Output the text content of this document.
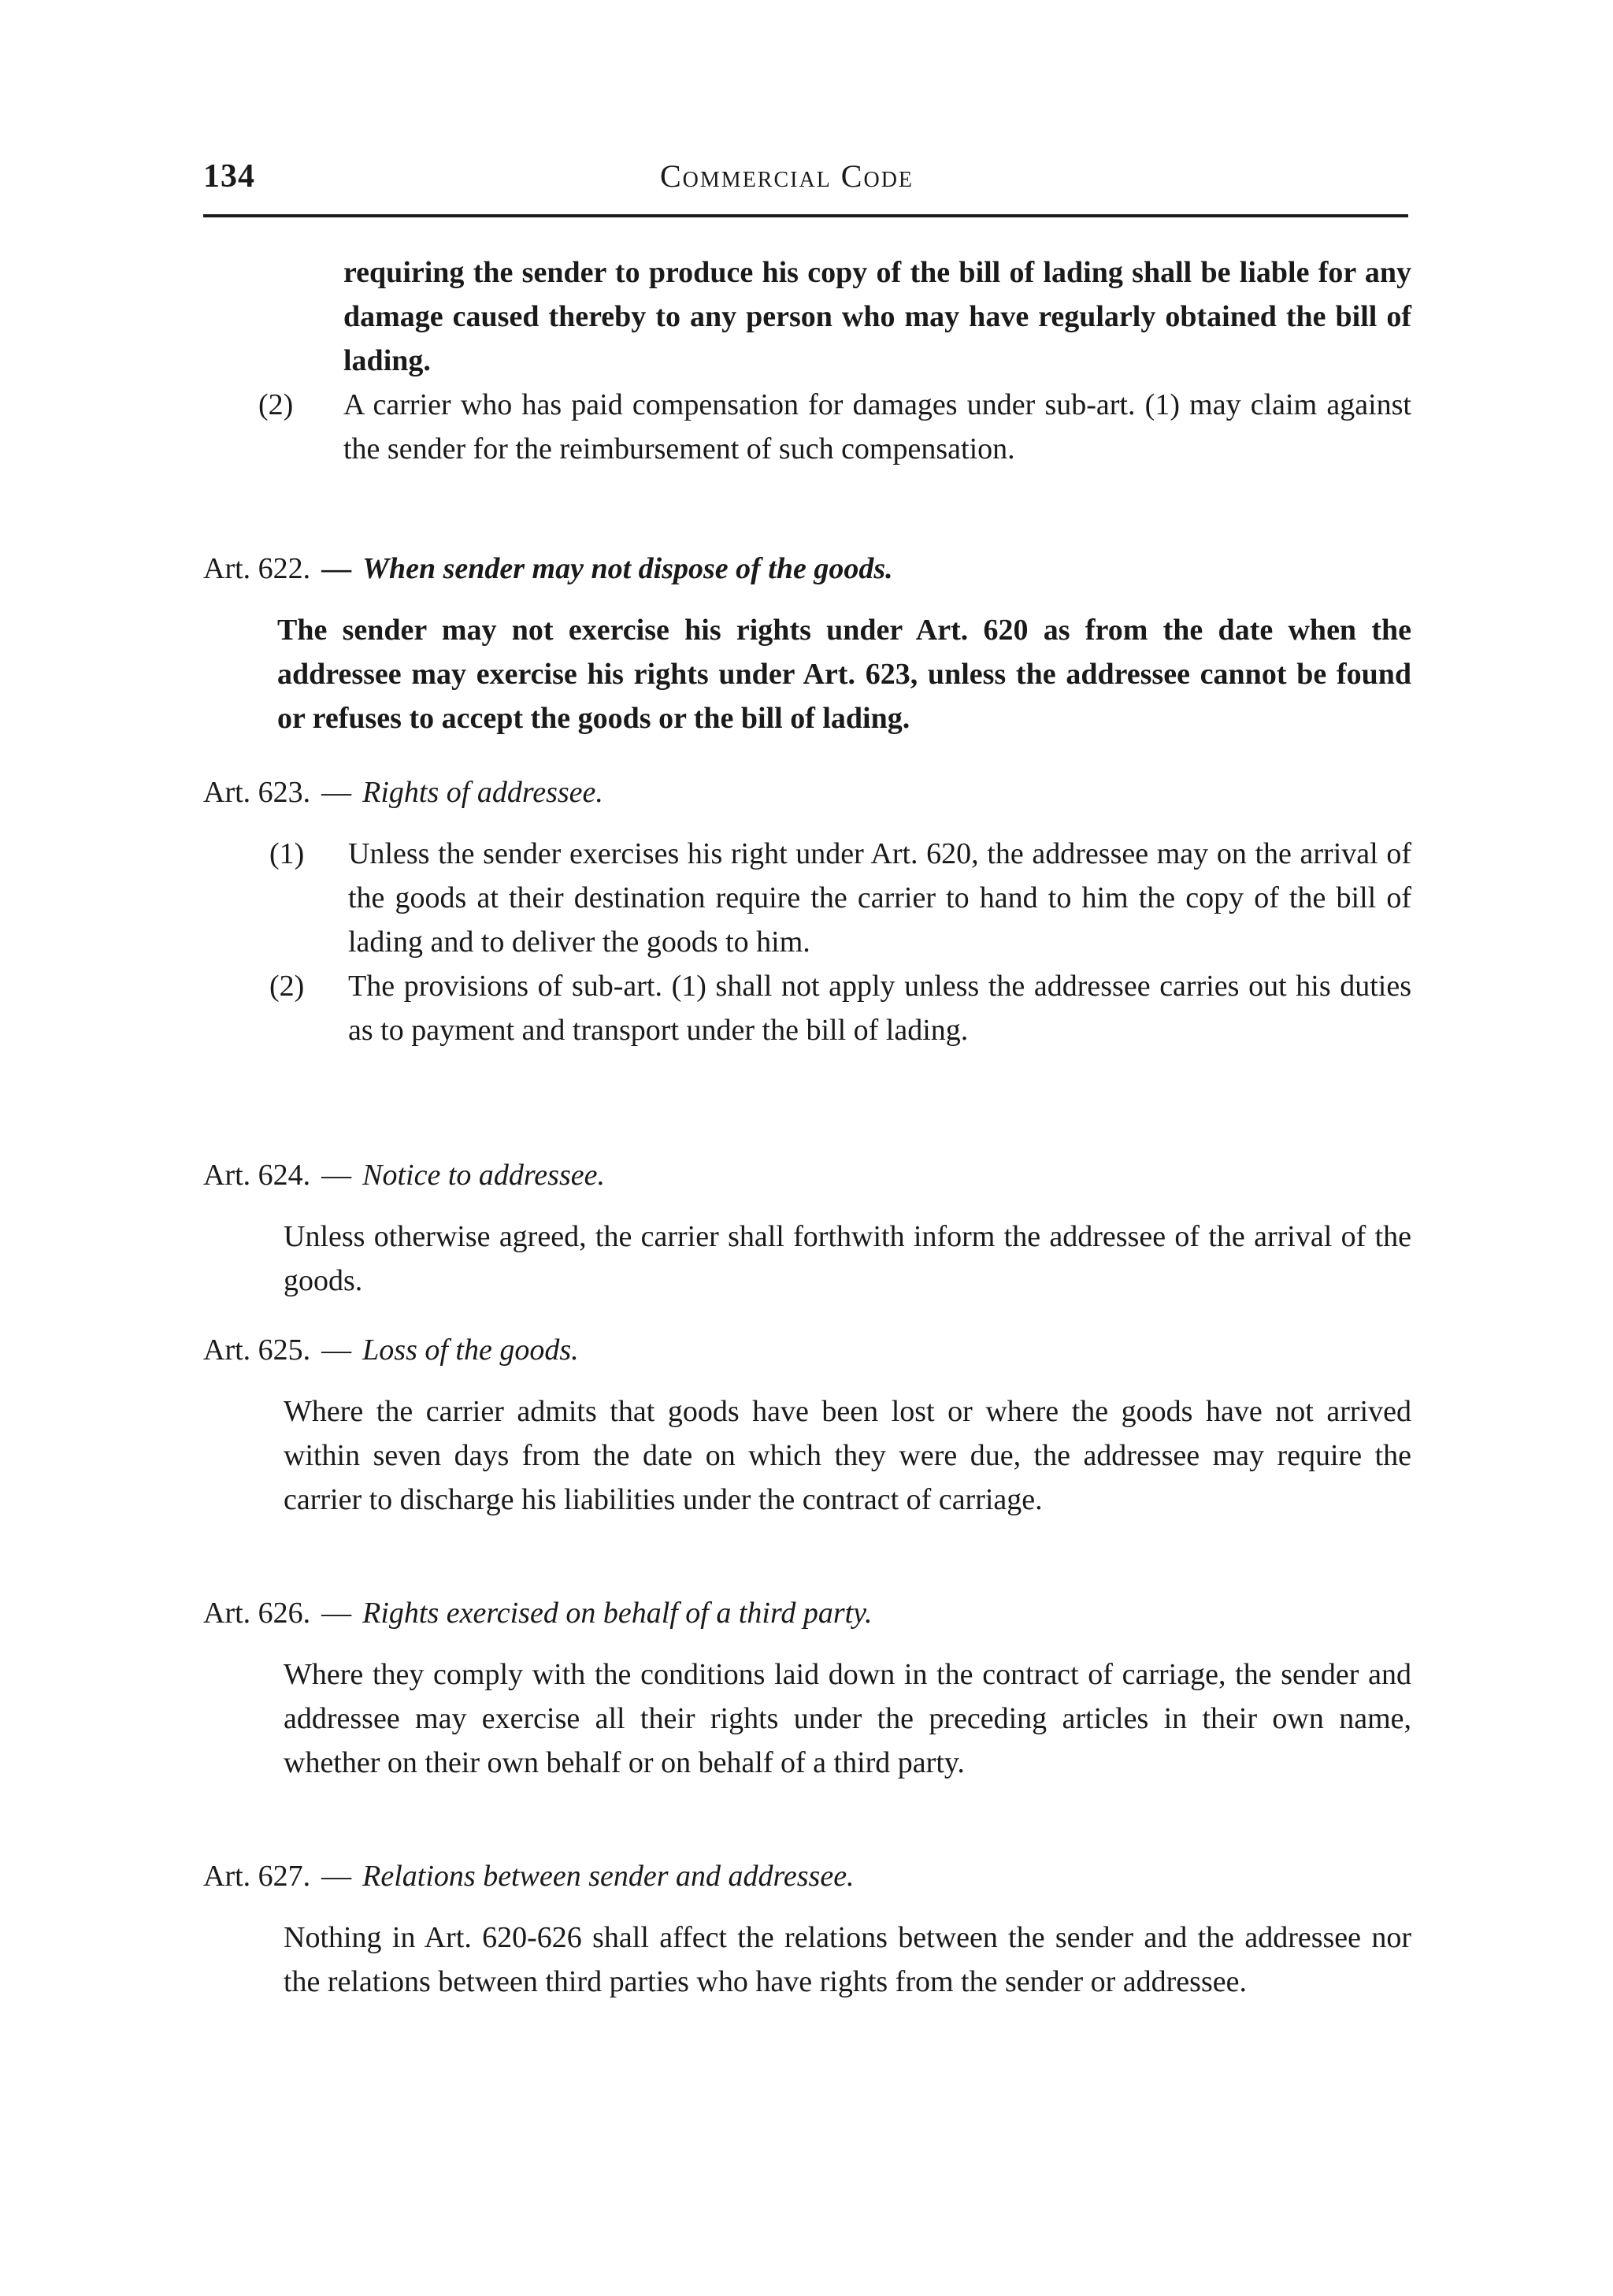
134	Commercial Code
requiring the sender to produce his copy of the bill of lading shall be liable for any damage caused thereby to any person who may have regularly obtained the bill of lading.
(2) A carrier who has paid compensation for damages under sub-art. (1) may claim against the sender for the reimbursement of such compensation.
Art. 622. — When sender may not dispose of the goods.
The sender may not exercise his rights under Art. 620 as from the date when the addressee may exercise his rights under Art. 623, unless the addressee cannot be found or refuses to accept the goods or the bill of lading.
Art. 623. — Rights of addressee.
(1)	Unless the sender exercises his right under Art. 620, the addressee may on the arrival of the goods at their destination require the carrier to hand to him the copy of the bill of lading and to deliver the goods to him.
(2)	The provisions of sub-art. (1) shall not apply unless the addressee carries out his duties as to payment and transport under the bill of lading.
Art. 624. — Notice to addressee.
Unless otherwise agreed, the carrier shall forthwith inform the addressee of the arrival of the goods.
Art. 625. — Loss of the goods.
Where the carrier admits that goods have been lost or where the goods have not arrived within seven days from the date on which they were due, the addressee may require the carrier to discharge his liabilities under the contract of carriage.
Art. 626. — Rights exercised on behalf of a third party.
Where they comply with the conditions laid down in the contract of carriage, the sender and addressee may exercise all their rights under the preceding articles in their own name, whether on their own behalf or on behalf of a third party.
Art. 627. — Relations between sender and addressee.
Nothing in Art. 620-626 shall affect the relations between the sender and the addressee nor the relations between third parties who have rights from the sender or addressee.
